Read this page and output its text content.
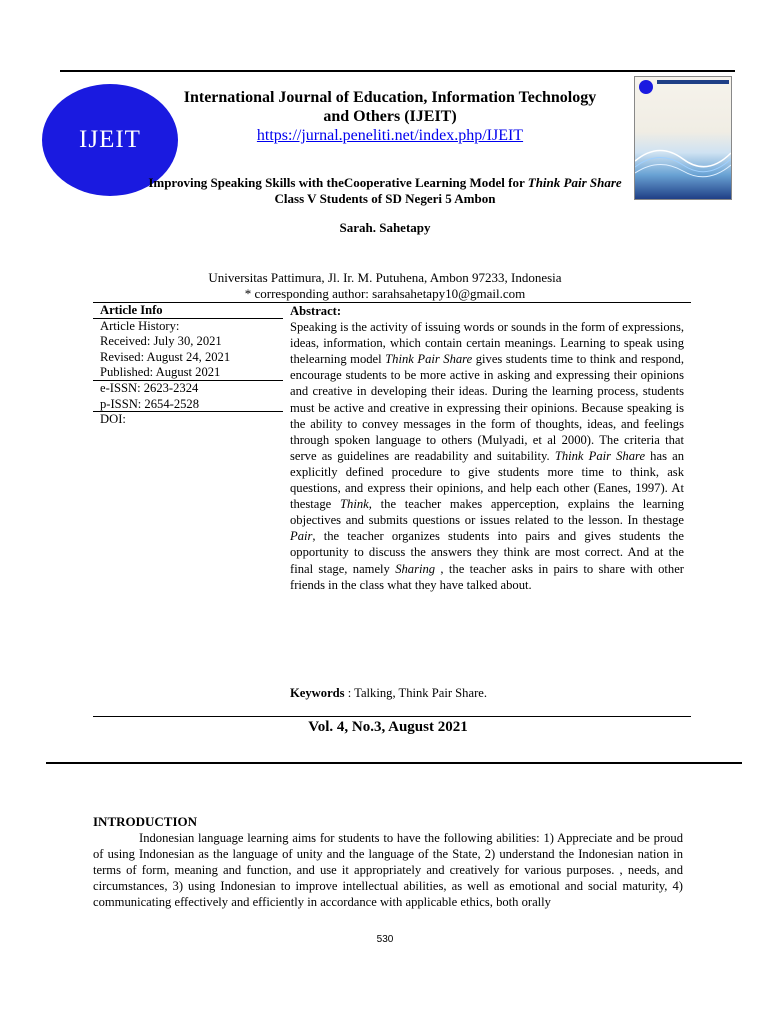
IJEIT
International Journal of Education, Information Technology
and Others (IJEIT)
https://jurnal.peneliti.net/index.php/IJEIT
Improving Speaking Skills with theCooperative Learning Model for Think Pair Share
Class V Students of SD Negeri 5 Ambon
Sarah. Sahetapy
Universitas Pattimura, Jl. Ir. M. Putuhena, Ambon 97233, Indonesia
* corresponding author: sarahsahetapy10@gmail.com
Article Info
Article History:
Received: July 30, 2021
Revised: August 24, 2021
Published: August 2021
e-ISSN: 2623-2324
p-ISSN: 2654-2528
DOI:
Abstract:
Speaking is the activity of issuing words or sounds in the form of expressions, ideas, information, which contain certain meanings. Learning to speak using thelearning model Think Pair Share gives students time to think and respond, encourage students to be more active in asking and expressing their opinions and creative in developing their ideas. During the learning process, students must be active and creative in expressing their opinions. Because speaking is the ability to convey messages in the form of thoughts, ideas, and feelings through spoken language to others (Mulyadi, et al 2000). The criteria that serve as guidelines are readability and suitability. Think Pair Share has an explicitly defined procedure to give students more time to think, ask questions, and express their opinions, and help each other (Eanes, 1997). At thestage Think, the teacher makes apperception, explains the learning objectives and submits questions or issues related to the lesson. In thestage Pair, the teacher organizes students into pairs and gives students the opportunity to discuss the answers they think are most correct. And at the final stage, namely Sharing , the teacher asks in pairs to share with other friends in the class what they have talked about.
Keywords : Talking, Think Pair Share.
Vol. 4, No.3, August 2021
INTRODUCTION
Indonesian language learning aims for students to have the following abilities: 1) Appreciate and be proud of using Indonesian as the language of unity and the language of the State, 2) understand the Indonesian nation in terms of form, meaning and function, and use it appropriately and creatively for various purposes. , needs, and circumstances, 3) using Indonesian to improve intellectual abilities, as well as emotional and social maturity, 4) communicating effectively and efficiently in accordance with applicable ethics, both orally
530
